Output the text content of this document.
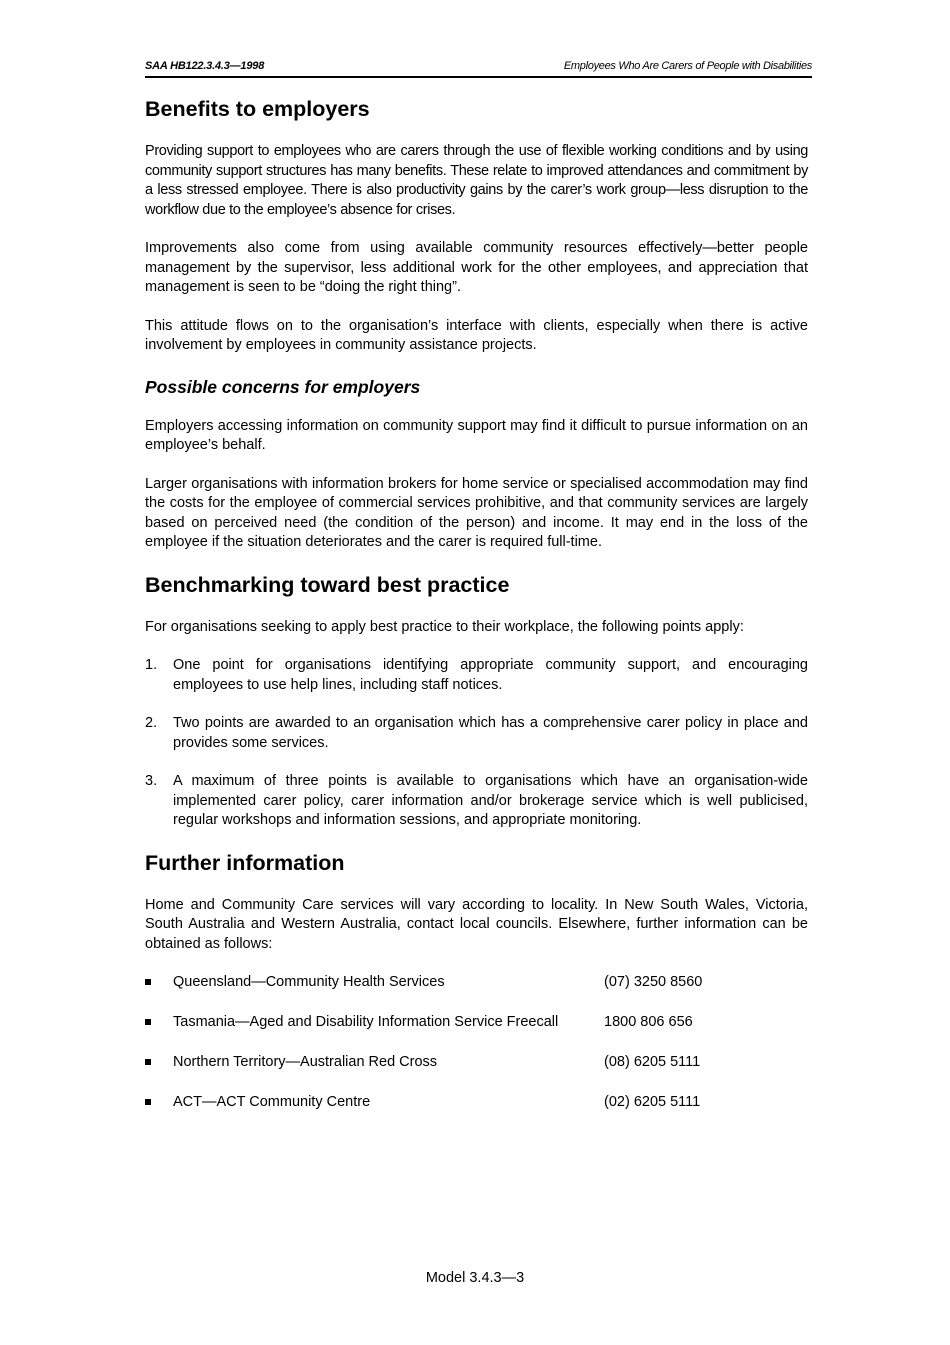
SAA HB122.3.4.3—1998	Employees Who Are Carers of People with Disabilities
Benefits to employers

Providing support to employees who are carers through the use of flexible working conditions and by using community support structures has many benefits. These relate to improved attendances and commitment by a less stressed employee. There is also productivity gains by the carer’s work group—less disruption to the workflow due to the employee’s absence for crises.

Improvements also come from using available community resources effectively—better people management by the supervisor, less additional work for the other employees, and appreciation that management is seen to be “doing the right thing”.

This attitude flows on to the organisation’s interface with clients, especially when there is active involvement by employees in community assistance projects.

Possible concerns for employers

Employers accessing information on community support may find it difficult to pursue information on an employee’s behalf.

Larger organisations with information brokers for home service or specialised accommodation may find the costs for the employee of commercial services prohibitive, and that community services are largely based on perceived need (the condition of the person) and income. It may end in the loss of the employee if the situation deteriorates and the carer is required full-time.

Benchmarking toward best practice

For organisations seeking to apply best practice to their workplace, the following points apply:

1. One point for organisations identifying appropriate community support, and encouraging employees to use help lines, including staff notices.
2. Two points are awarded to an organisation which has a comprehensive carer policy in place and provides some services.
3. A maximum of three points is available to organisations which have an organisation-wide implemented carer policy, carer information and/or brokerage service which is well publicised, regular workshops and information sessions, and appropriate monitoring.
Further information

Home and Community Care services will vary according to locality. In New South Wales, Victoria, South Australia and Western Australia, contact local councils. Elsewhere, further information can be obtained as follows:

Queensland—Community Health Services	(07) 3250 8560
Tasmania—Aged and Disability Information Service Freecall	1800 806 656
Northern Territory—Australian Red Cross	(08) 6205 5111
ACT—ACT Community Centre	(02) 6205 5111
Model 3.4.3—3
